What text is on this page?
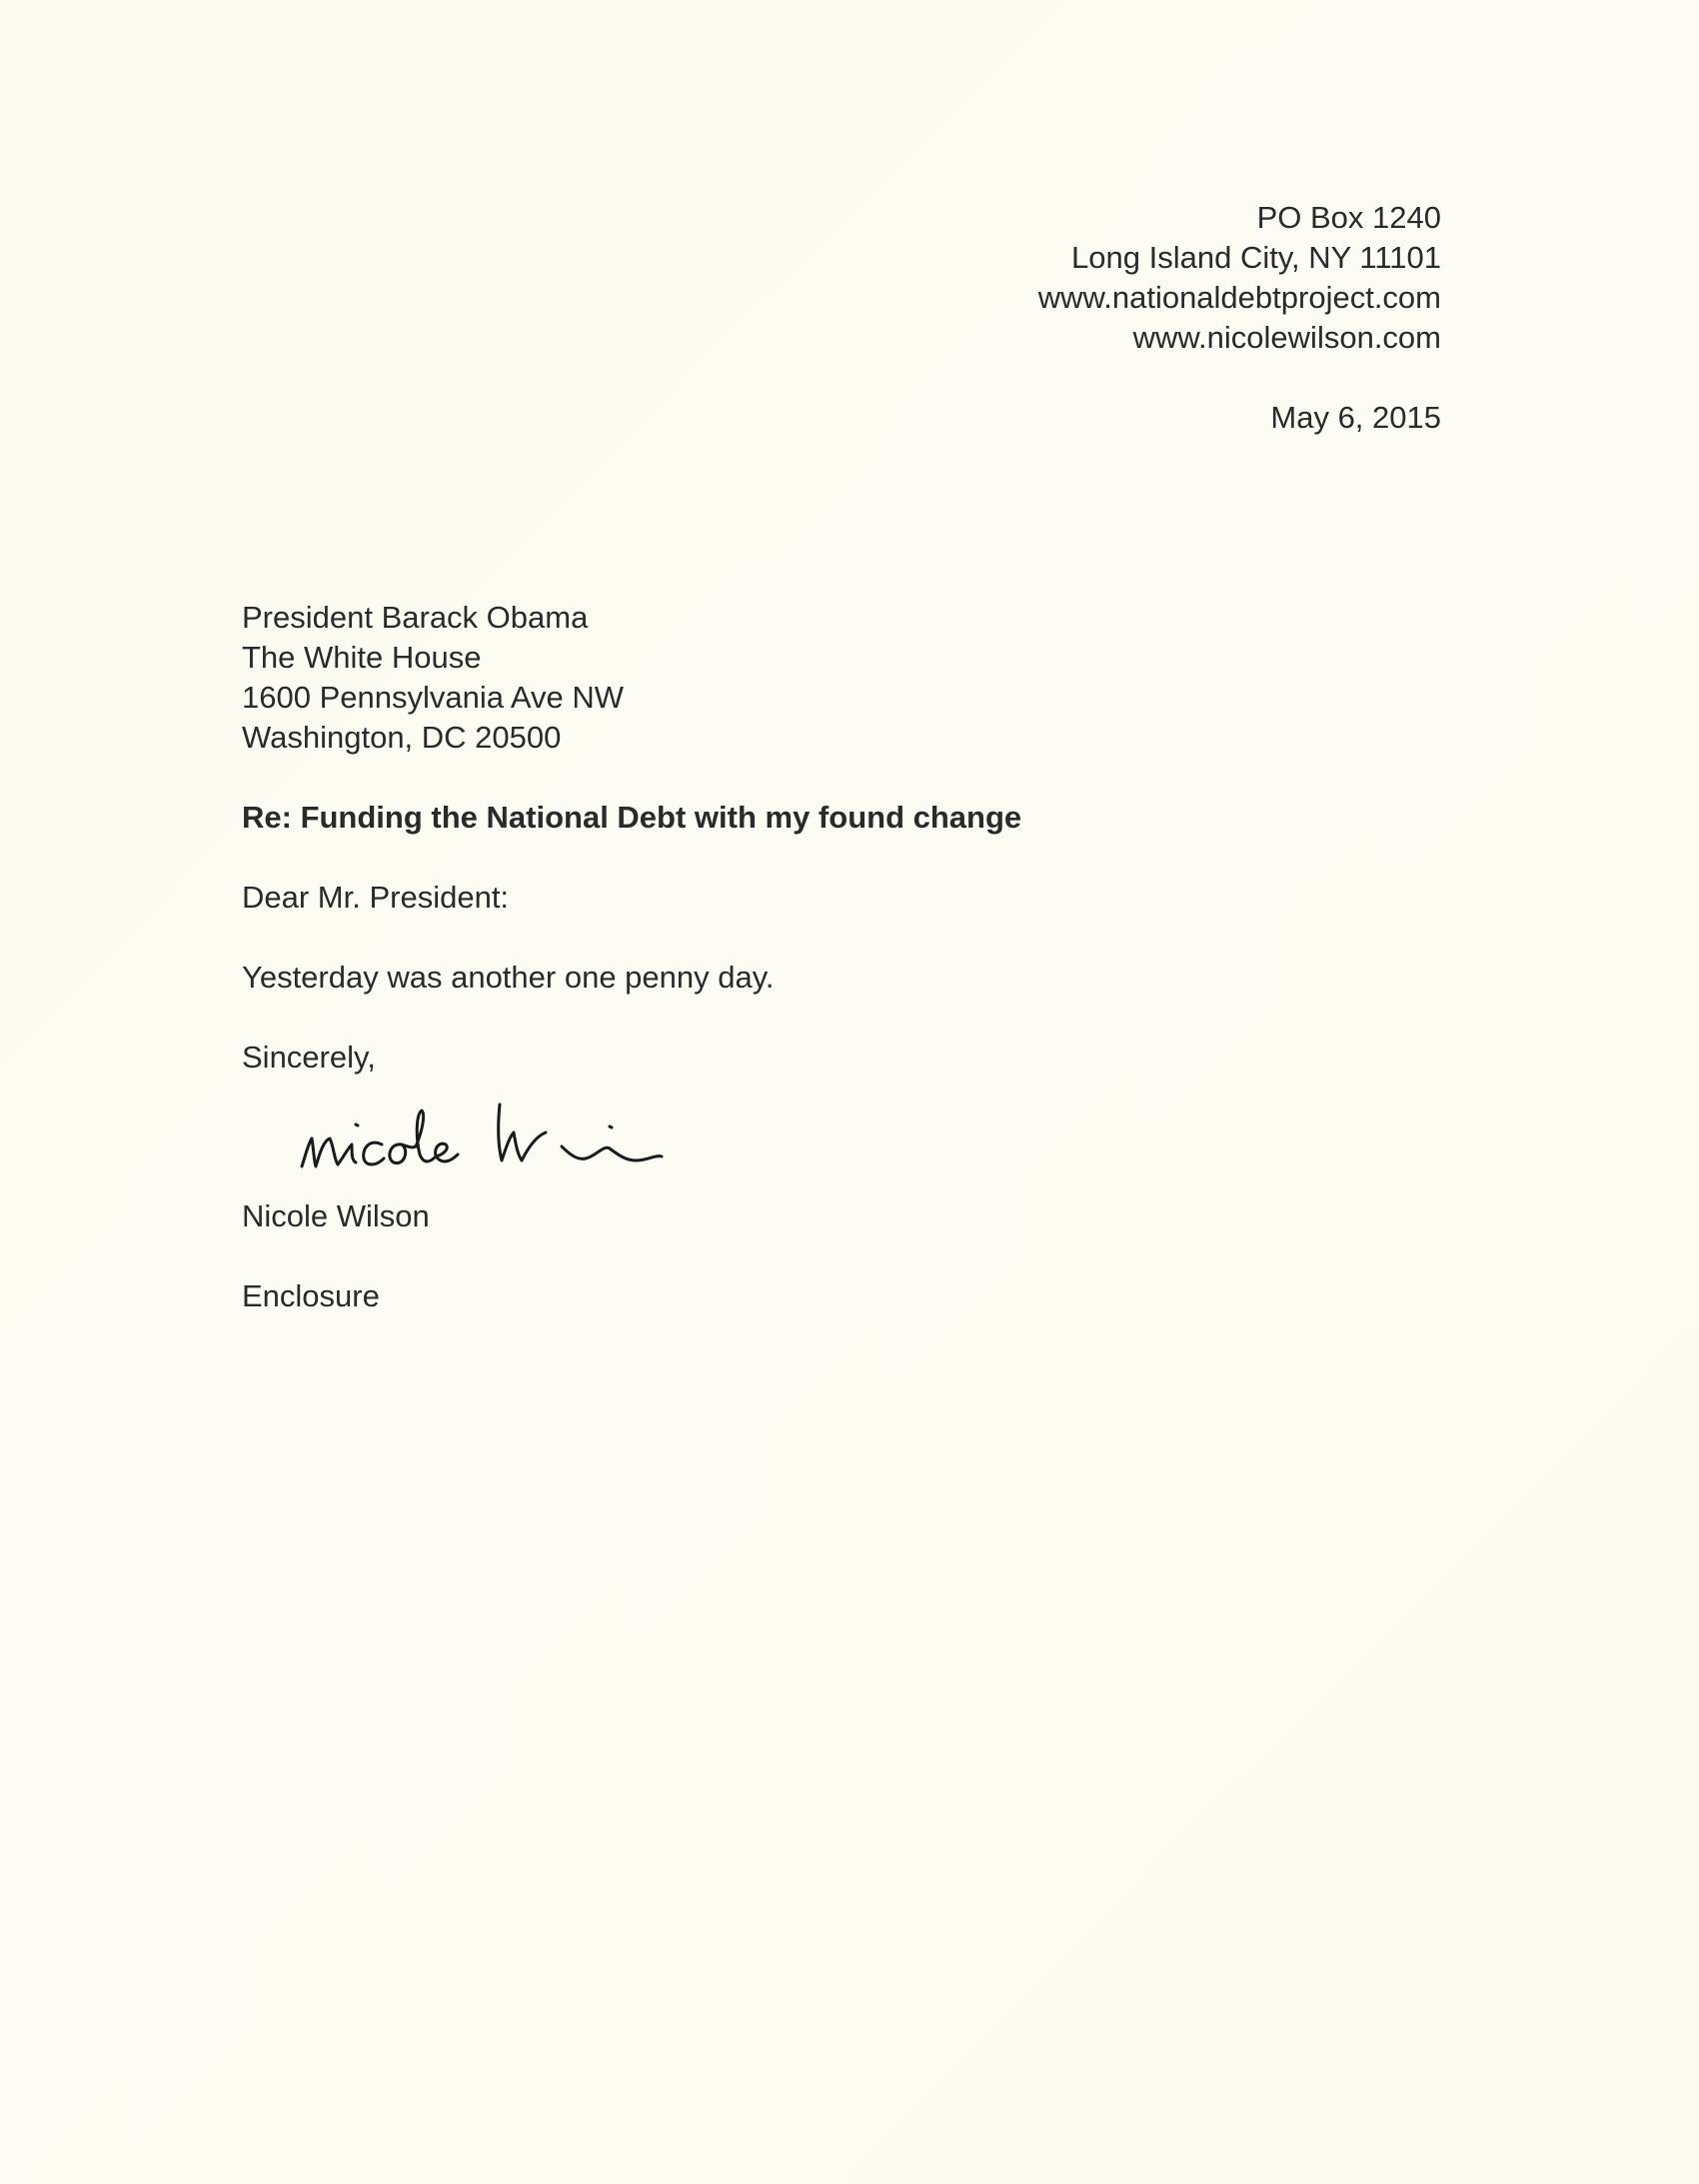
PO Box 1240
Long Island City, NY 11101
www.nationaldebtproject.com
www.nicolewilson.com
May 6, 2015
President Barack Obama
The White House
1600 Pennsylvania Ave NW
Washington, DC 20500
Re: Funding the National Debt with my found change
Dear Mr. President:
Yesterday was another one penny day.
Sincerely,
Nicole Wilson
Enclosure
